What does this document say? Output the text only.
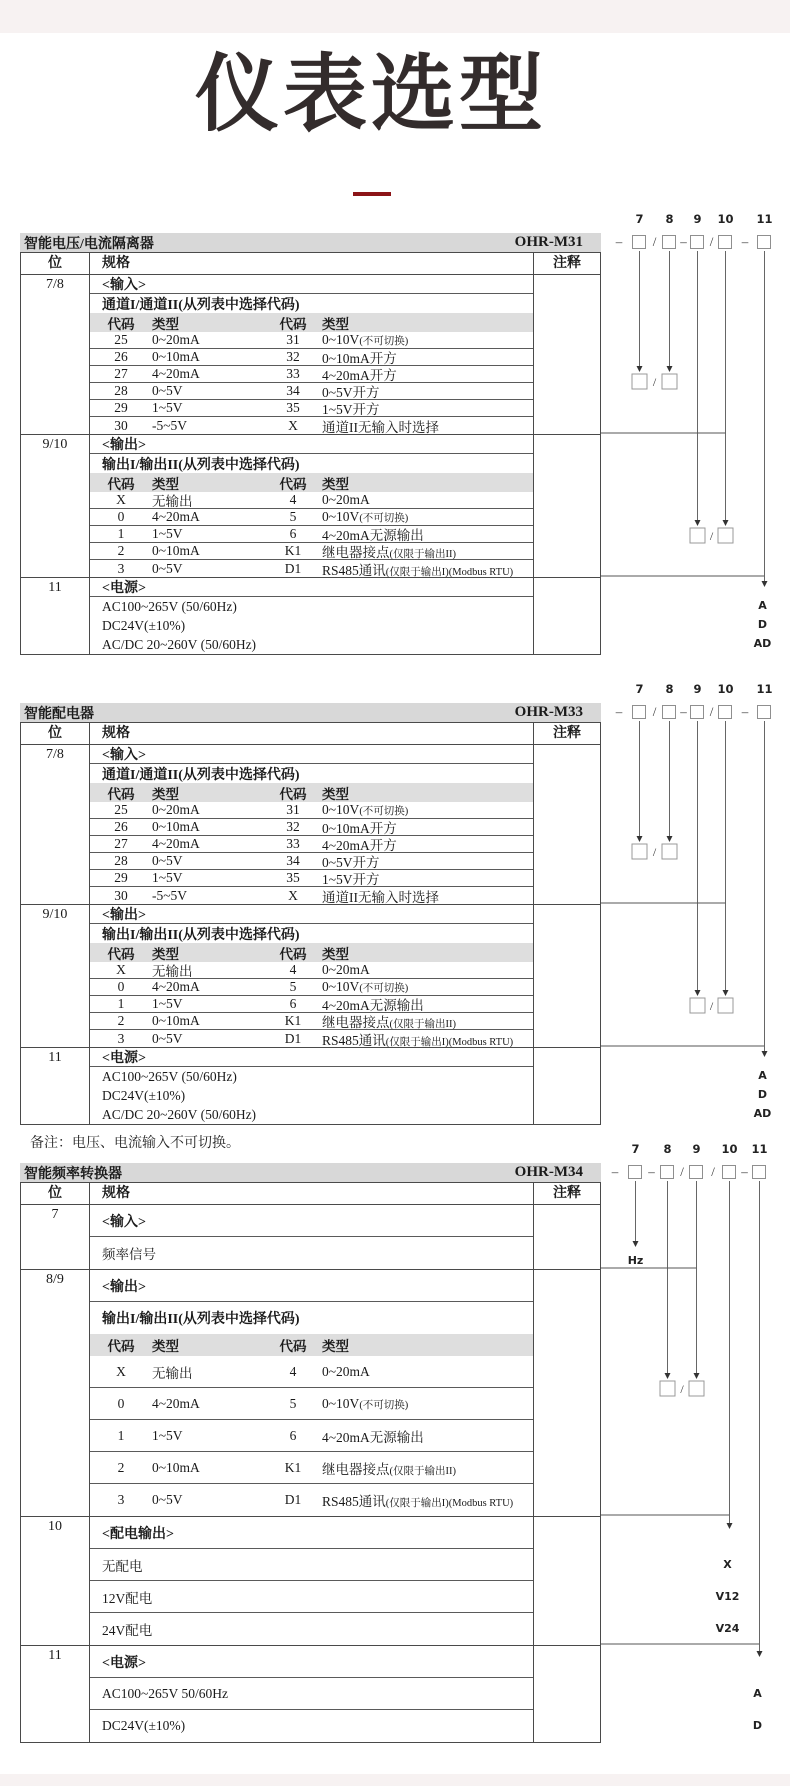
仪表选型
7 8 9 10 11
智能电压/电流隔离器	OHR-M31	– / – / –
位	规格	注释
7/8	<输入>
通道I/通道II(从列表中选择代码)
代码	类型	代码	类型
25	0~20mA	31	0~10V(不可切换)
26	0~10mA	32	0~10mA开方
27	4~20mA	33	4~20mA开方
28	0~5V	34	0~5V开方
29	1~5V	35	1~5V开方
30	-5~5V	X	通道II无输入时选择
9/10	<输出>
输出I/输出II(从列表中选择代码)
代码	类型	代码	类型
X	无输出	4	0~20mA
0	4~20mA	5	0~10V(不可切换)
1	1~5V	6	4~20mA无源输出
2	0~10mA	K1	继电器接点(仅限于输出II)
3	0~5V	D1	RS485通讯(仅限于输出I)(Modbus RTU)
11	<电源>
AC100~265V (50/60Hz)
DC24V(±10%)
AC/DC 20~260V (50/60Hz)
/
/
A
D
AD
7 8 9 10 11
智能配电器	OHR-M33	– / – / –
位	规格	注释
7/8	<输入>
通道I/通道II(从列表中选择代码)
代码	类型	代码	类型
25	0~20mA	31	0~10V(不可切换)
26	0~10mA	32	0~10mA开方
27	4~20mA	33	4~20mA开方
28	0~5V	34	0~5V开方
29	1~5V	35	1~5V开方
30	-5~5V	X	通道II无输入时选择
9/10	<输出>
输出I/输出II(从列表中选择代码)
代码	类型	代码	类型
X	无输出	4	0~20mA
0	4~20mA	5	0~10V(不可切换)
1	1~5V	6	4~20mA无源输出
2	0~10mA	K1	继电器接点(仅限于输出II)
3	0~5V	D1	RS485通讯(仅限于输出I)(Modbus RTU)
11	<电源>
AC100~265V (50/60Hz)
DC24V(±10%)
AC/DC 20~260V (50/60Hz)
/
/
A
D
AD
备注：电压、电流输入不可切换。	7 8 9 10 11
智能频率转换器	OHR-M34	– – / / –
位	规格	注释
7	<输入>
频率信号
8/9	<输出>
输出I/输出II(从列表中选择代码)
代码	类型	代码	类型
X	无输出	4	0~20mA
0	4~20mA	5	0~10V(不可切换)
1	1~5V	6	4~20mA无源输出
2	0~10mA	K1	继电器接点(仅限于输出II)
3	0~5V	D1	RS485通讯(仅限于输出I)(Modbus RTU)
10	<配电输出>
无配电
12V配电
24V配电
11	<电源>
AC100~265V 50/60Hz
DC24V(±10%)
/
X
V12
V24
A
D
Hz
